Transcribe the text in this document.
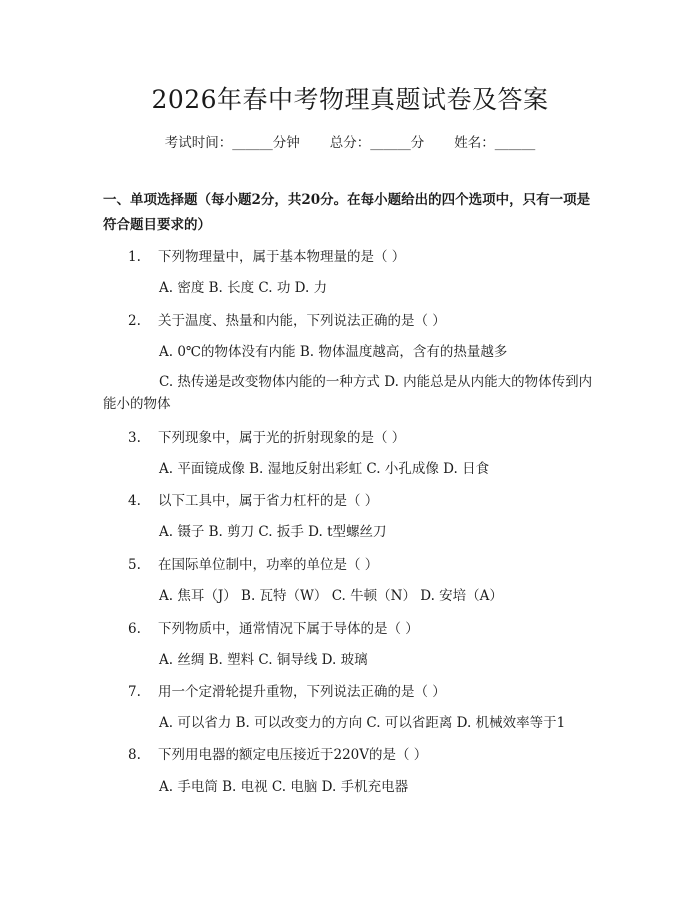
2026年春中考物理真题试卷及答案
考试时间：______分钟 总分：______分 姓名：______
一、单项选择题（每小题2分，共20分。在每小题给出的四个选项中，只有一项是符合题目要求的）
1. 下列物理量中，属于基本物理量的是（ ）
A. 密度 B. 长度 C. 功 D. 力
2. 关于温度、热量和内能，下列说法正确的是（ ）
A. 0℃的物体没有内能 B. 物体温度越高，含有的热量越多
C. 热传递是改变物体内能的一种方式 D. 内能总是从内能大的物体传到内能小的物体
3. 下列现象中，属于光的折射现象的是（ ）
A. 平面镜成像 B. 湿地反射出彩虹 C. 小孔成像 D. 日食
4. 以下工具中，属于省力杠杆的是（ ）
A. 镊子 B. 剪刀 C. 扳手 D. t型螺丝刀
5. 在国际单位制中，功率的单位是（ ）
A. 焦耳（J） B. 瓦特（W） C. 牛顿（N） D. 安培（A）
6. 下列物质中，通常情况下属于导体的是（ ）
A. 丝绸 B. 塑料 C. 铜导线 D. 玻璃
7. 用一个定滑轮提升重物，下列说法正确的是（ ）
A. 可以省力 B. 可以改变力的方向 C. 可以省距离 D. 机械效率等于1
8. 下列用电器的额定电压接近于220V的是（ ）
A. 手电筒 B. 电视 C. 电脑 D. 手机充电器
